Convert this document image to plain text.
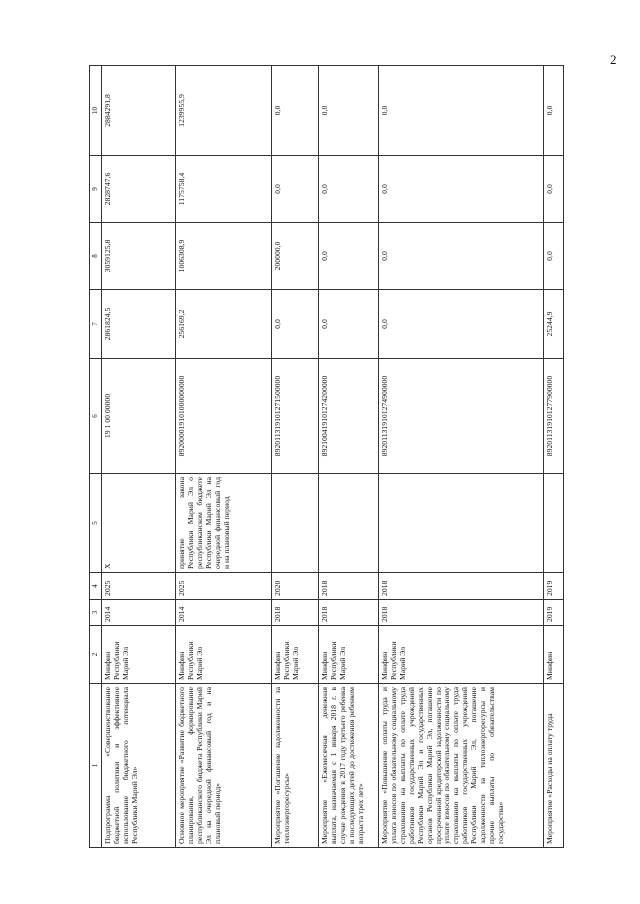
2
1	2	3	4	5	6	7	8	9	10
Подпрограмма «Совершенствование бюджетной политики и эффективное использование бюджетного потенциала Республики Марий Эл»	Минфин Республики Марий Эл	2014	2025	X	19 1 00 00000	2861824,5	3059125,8	2828747,6	2884291,8
Основное мероприятие «Развитие бюджетного планирования, формирование республиканского бюджета Республики Марий Эл на очередной финансовый год и на плановый период»	Минфин Республики Марий Эл	2014	2025	принятие закона Республики Марий Эл о республиканском бюджете Республики Марий Эл на очередной финансовый год и на плановый период	892000019101000000000	256169,2	1006308,9	1175758,4	1239955,9
Мероприятие «Погашение задолженности за теплоэнергоресурсы»	Минфин Республики Марий Эл	2018	2020		892011319101271500000	0,0	200000,0	0,0	0,0
Мероприятие «Ежемесячная денежная выплата, назначаемая с 1 января 2018 г. в случае рождения в 2017 году третьего ребенка и последующих детей до достижения ребенком возраста трех лет»	Минфин Республики Марий Эл	2018	2018		892100419101274200000	0,0	0,0	0,0	0,0
Мероприятие «Повышение оплаты труда и уплата взносов по обязательному социальному страхованию на выплаты по оплате труда работников государственных учреждений Республики Марий Эл и государственных органов Республики Марий Эл, погашение просроченной кредиторской задолженности по уплате взносов по обязательному социальному страхованию на выплаты по оплате труда работников государственных учреждений Республики Марий Эл, погашение задолженности за теплоэнергоресурсы и прочие выплаты по обязательствам государства»	Минфин Республики Марий Эл	2018	2018		892011319101274900000	0,0	0,0	0,0	0,0
Мероприятие «Расходы на оплату труда	Минфин	2019	2019		892011319101277900000	25244,9	0,0	0,0	0,0
